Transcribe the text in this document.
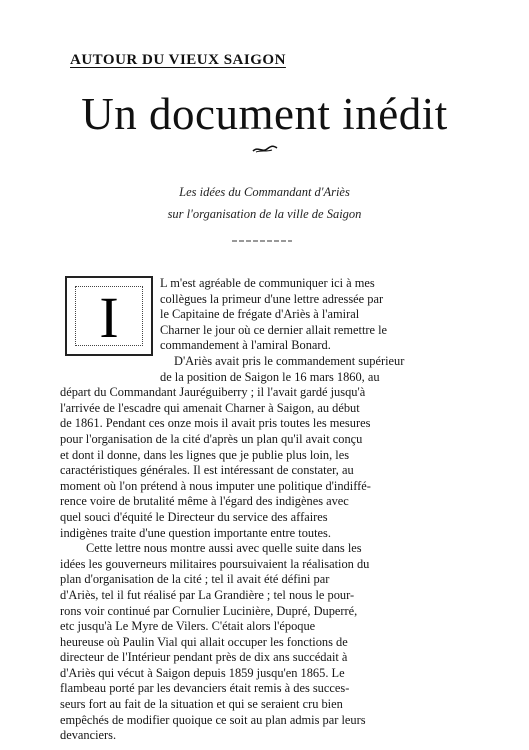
AUTOUR DU VIEUX SAIGON
Un document inédit
Les idées du Commandant d'Ariès
sur l'organisation de la ville de Saigon
I
L m'est agréable de communiquer ici à mes
collègues la primeur d'une lettre adressée par
le Capitaine de frégate d'Ariès à l'amiral
Charner le jour où ce dernier allait remettre le
commandement à l'amiral Bonard.
D'Ariès avait pris le commandement supérieur
de la position de Saigon le 16 mars 1860, au
départ du Commandant Jauréguiberry ; il l'avait gardé jusqu'à
l'arrivée de l'escadre qui amenait Charner à Saigon, au début
de 1861. Pendant ces onze mois il avait pris toutes les mesures
pour l'organisation de la cité d'après un plan qu'il avait conçu
et dont il donne, dans les lignes que je publie plus loin, les
caractéristiques générales. Il est intéressant de constater, au
moment où l'on prétend à nous imputer une politique d'indiffé-
rence voire de brutalité même à l'égard des indigènes avec
quel souci d'équité le Directeur du service des affaires
indigènes traite d'une question importante entre toutes.
Cette lettre nous montre aussi avec quelle suite dans les
idées les gouverneurs militaires poursuivaient la réalisation du
plan d'organisation de la cité ; tel il avait été défini par
d'Ariès, tel il fut réalisé par La Grandière ; tel nous le pour-
rons voir continué par Cornulier Lucinière, Dupré, Duperré,
etc jusqu'à Le Myre de Vilers. C'était alors l'époque
heureuse où Paulin Vial qui allait occuper les fonctions de
directeur de l'Intérieur pendant près de dix ans succédait à
d'Ariès qui vécut à Saigon depuis 1859 jusqu'en 1865. Le
flambeau porté par les devanciers était remis à des succes-
seurs fort au fait de la situation et qui se seraient cru bien
empêchés de modifier quoique ce soit au plan admis par leurs
devanciers.
